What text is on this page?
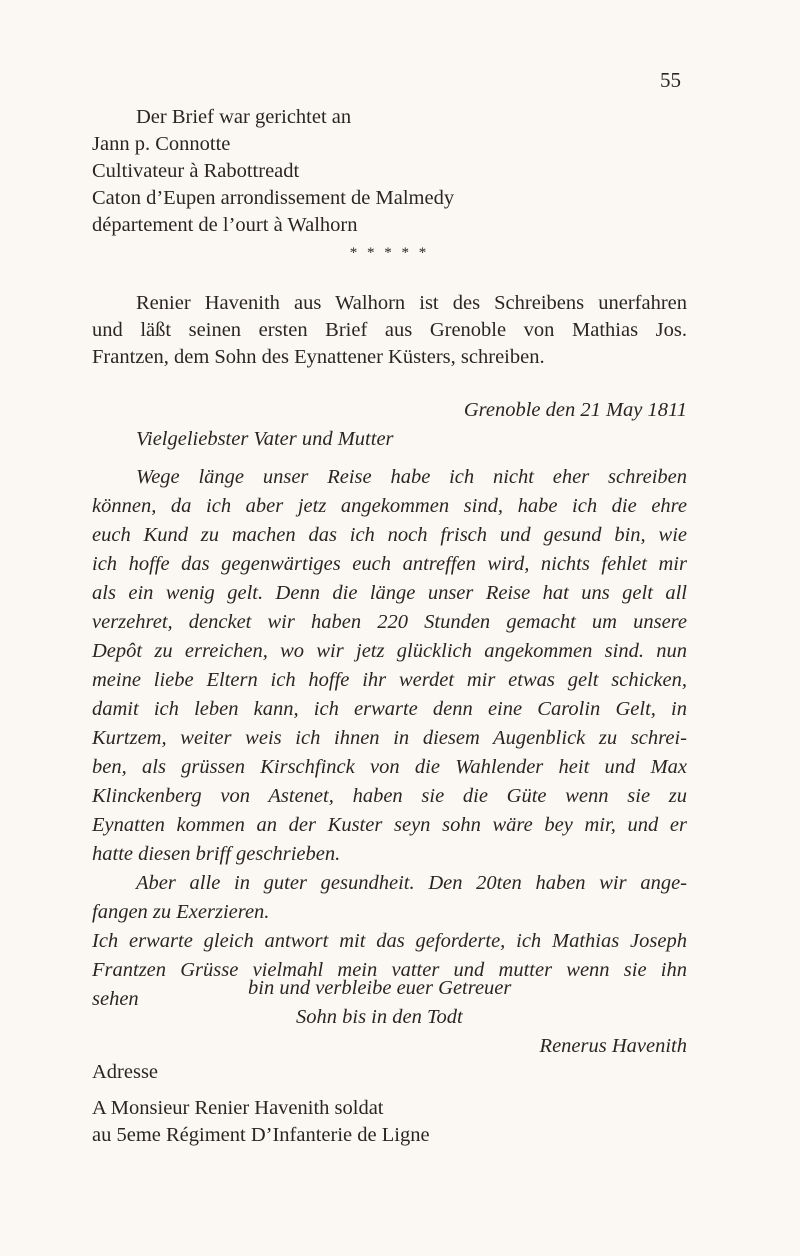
55
Der Brief war gerichtet an
Jann p. Connotte
Cultivateur à Rabottreadt
Caton d’Eupen arrondissement de Malmedy
département de l’ourt à Walhorn
* * * * *
Renier Havenith aus Walhorn ist des Schreibens unerfahren
und läßt seinen ersten Brief aus Grenoble von Mathias Jos.
Frantzen, dem Sohn des Eynattener Küsters, schreiben.
Grenoble den 21 May 1811
Vielgeliebster Vater und Mutter
Wege länge unser Reise habe ich nicht eher schreiben
können, da ich aber jetz angekommen sind, habe ich die ehre
euch Kund zu machen das ich noch frisch und gesund bin, wie
ich hoffe das gegenwärtiges euch antreffen wird, nichts fehlet mir
als ein wenig gelt. Denn die länge unser Reise hat uns gelt all
verzehret, dencket wir haben 220 Stunden gemacht um unsere
Depôt zu erreichen, wo wir jetz glücklich angekommen sind. nun
meine liebe Eltern ich hoffe ihr werdet mir etwas gelt schicken,
damit ich leben kann, ich erwarte denn eine Carolin Gelt, in
Kurtzem, weiter weis ich ihnen in diesem Augenblick zu schrei-
ben, als grüssen Kirschfinck von die Wahlender heit und Max
Klinckenberg von Astenet, haben sie die Güte wenn sie zu
Eynatten kommen an der Kuster seyn sohn wäre bey mir, und er
hatte diesen briff geschrieben.
Aber alle in guter gesundheit. Den 20ten haben wir ange-
fangen zu Exerzieren.
Ich erwarte gleich antwort mit das geforderte, ich Mathias Joseph
Frantzen Grüsse vielmahl mein vatter und mutter wenn sie ihn
sehen	bin und verbleibe euer Getreuer
Sohn bis in den Todt
Renerus Havenith
Adresse
A Monsieur Renier Havenith soldat
au 5eme Régiment D’Infanterie de Ligne
